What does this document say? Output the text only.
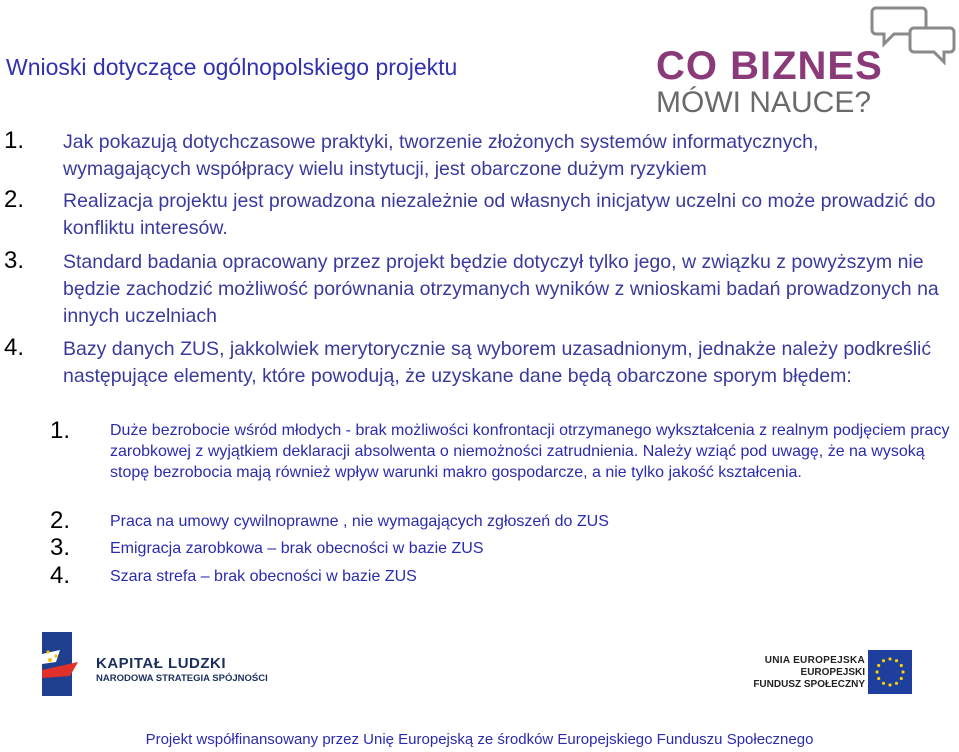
Wnioski dotyczące ogólnopolskiego projektu	CO BIZNES
MÓWI NAUCE?
1. Jak pokazują dotychczasowe praktyki, tworzenie złożonych systemów informatycznych, wymagających współpracy wielu instytucji, jest obarczone dużym ryzykiem
2. Realizacja projektu jest prowadzona niezależnie od własnych inicjatyw uczelni co może prowadzić do konfliktu interesów.
3. Standard badania opracowany przez projekt będzie dotyczył tylko jego, w związku z powyższym nie będzie zachodzić możliwość porównania otrzymanych wyników z wnioskami badań prowadzonych na innych uczelniach
4. Bazy danych ZUS, jakkolwiek merytorycznie są wyborem uzasadnionym, jednakże należy podkreślić następujące elementy, które powodują, że uzyskane dane będą obarczone sporym błędem:
1. Duże bezrobocie wśród młodych - brak możliwości konfrontacji otrzymanego wykształcenia z realnym podjęciem pracy zarobkowej z wyjątkiem deklaracji absolwenta o niemożności zatrudnienia. Należy wziąć pod uwagę, że na wysoką stopę bezrobocia mają również wpływ warunki makro gospodarcze, a nie tylko jakość kształcenia.
2. Praca na umowy cywilnoprawne , nie wymagających zgłoszeń do ZUS
3. Emigracja zarobkowa – brak obecności w bazie ZUS
4. Szara strefa – brak obecności w bazie ZUS
KAPITAŁ LUDZKI
NARODOWA STRATEGIA SPÓJNOŚCI
UNIA EUROPEJSKA
EUROPEJSKI
FUNDUSZ SPOŁECZNY
Projekt współfinansowany przez Unię Europejską ze środków Europejskiego Funduszu Społecznego
